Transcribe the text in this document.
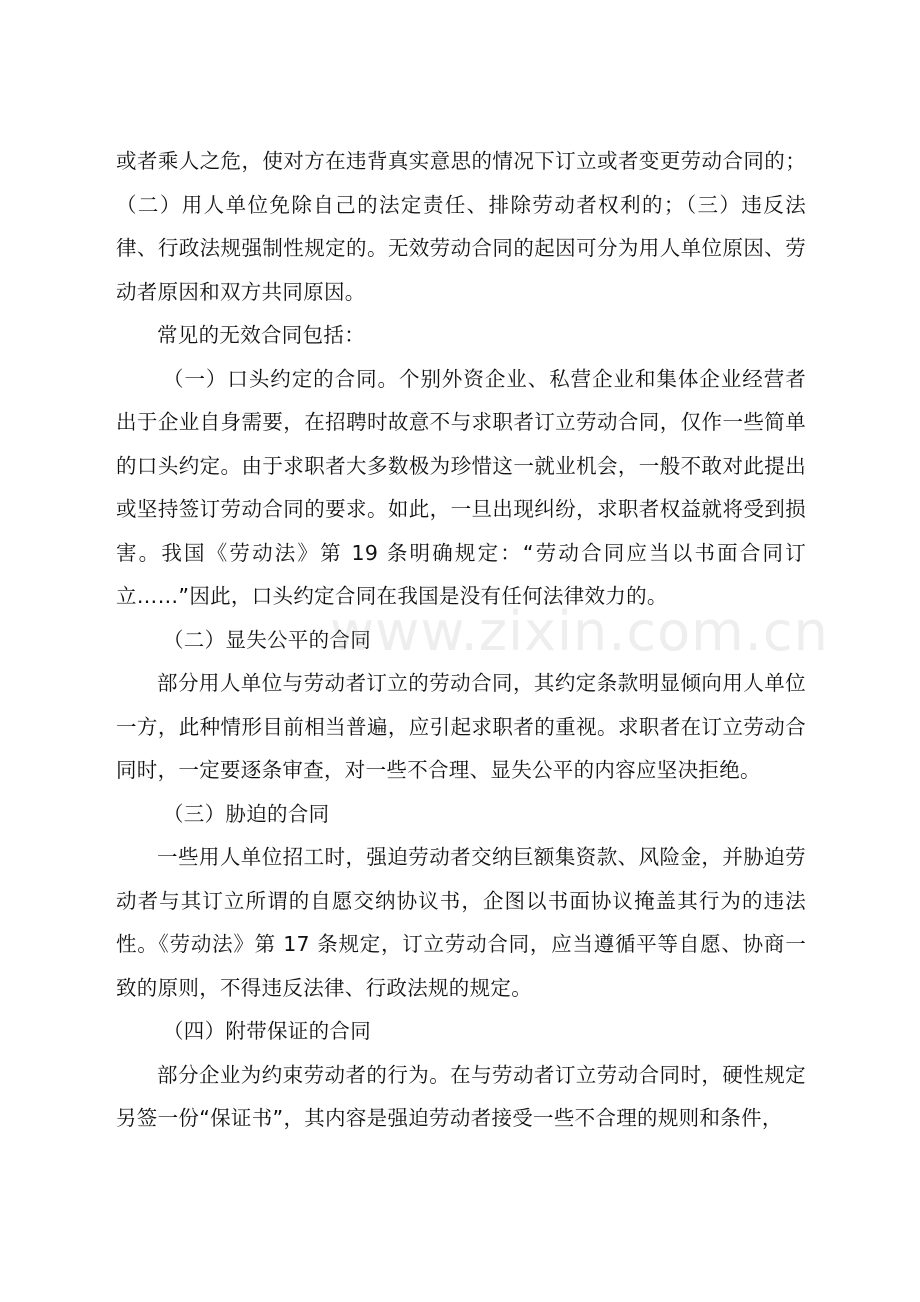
或者乘人之危，使对方在违背真实意思的情况下订立或者变更劳动合同的；（二）用人单位免除自己的法定责任、排除劳动者权利的；（三）违反法律、行政法规强制性规定的。无效劳动合同的起因可分为用人单位原因、劳动者原因和双方共同原因。

常见的无效合同包括：

（一）口头约定的合同。个别外资企业、私营企业和集体企业经营者出于企业自身需要，在招聘时故意不与求职者订立劳动合同，仅作一些简单的口头约定。由于求职者大多数极为珍惜这一就业机会，一般不敢对此提出或坚持签订劳动合同的要求。如此，一旦出现纠纷，求职者权益就将受到损害。我国《劳动法》第 19 条明确规定：“劳动合同应当以书面合同订立……”因此，口头约定合同在我国是没有任何法律效力的。

（二）显失公平的合同

部分用人单位与劳动者订立的劳动合同，其约定条款明显倾向用人单位一方，此种情形目前相当普遍，应引起求职者的重视。求职者在订立劳动合同时，一定要逐条审查，对一些不合理、显失公平的内容应坚决拒绝。

（三）胁迫的合同

一些用人单位招工时，强迫劳动者交纳巨额集资款、风险金，并胁迫劳动者与其订立所谓的自愿交纳协议书，企图以书面协议掩盖其行为的违法性。《劳动法》第 17 条规定，订立劳动合同，应当遵循平等自愿、协商一致的原则，不得违反法律、行政法规的规定。

（四）附带保证的合同

部分企业为约束劳动者的行为。在与劳动者订立劳动合同时，硬性规定另签一份“保证书”，其内容是强迫劳动者接受一些不合理的规则和条件，

www.zixin.com.cn
